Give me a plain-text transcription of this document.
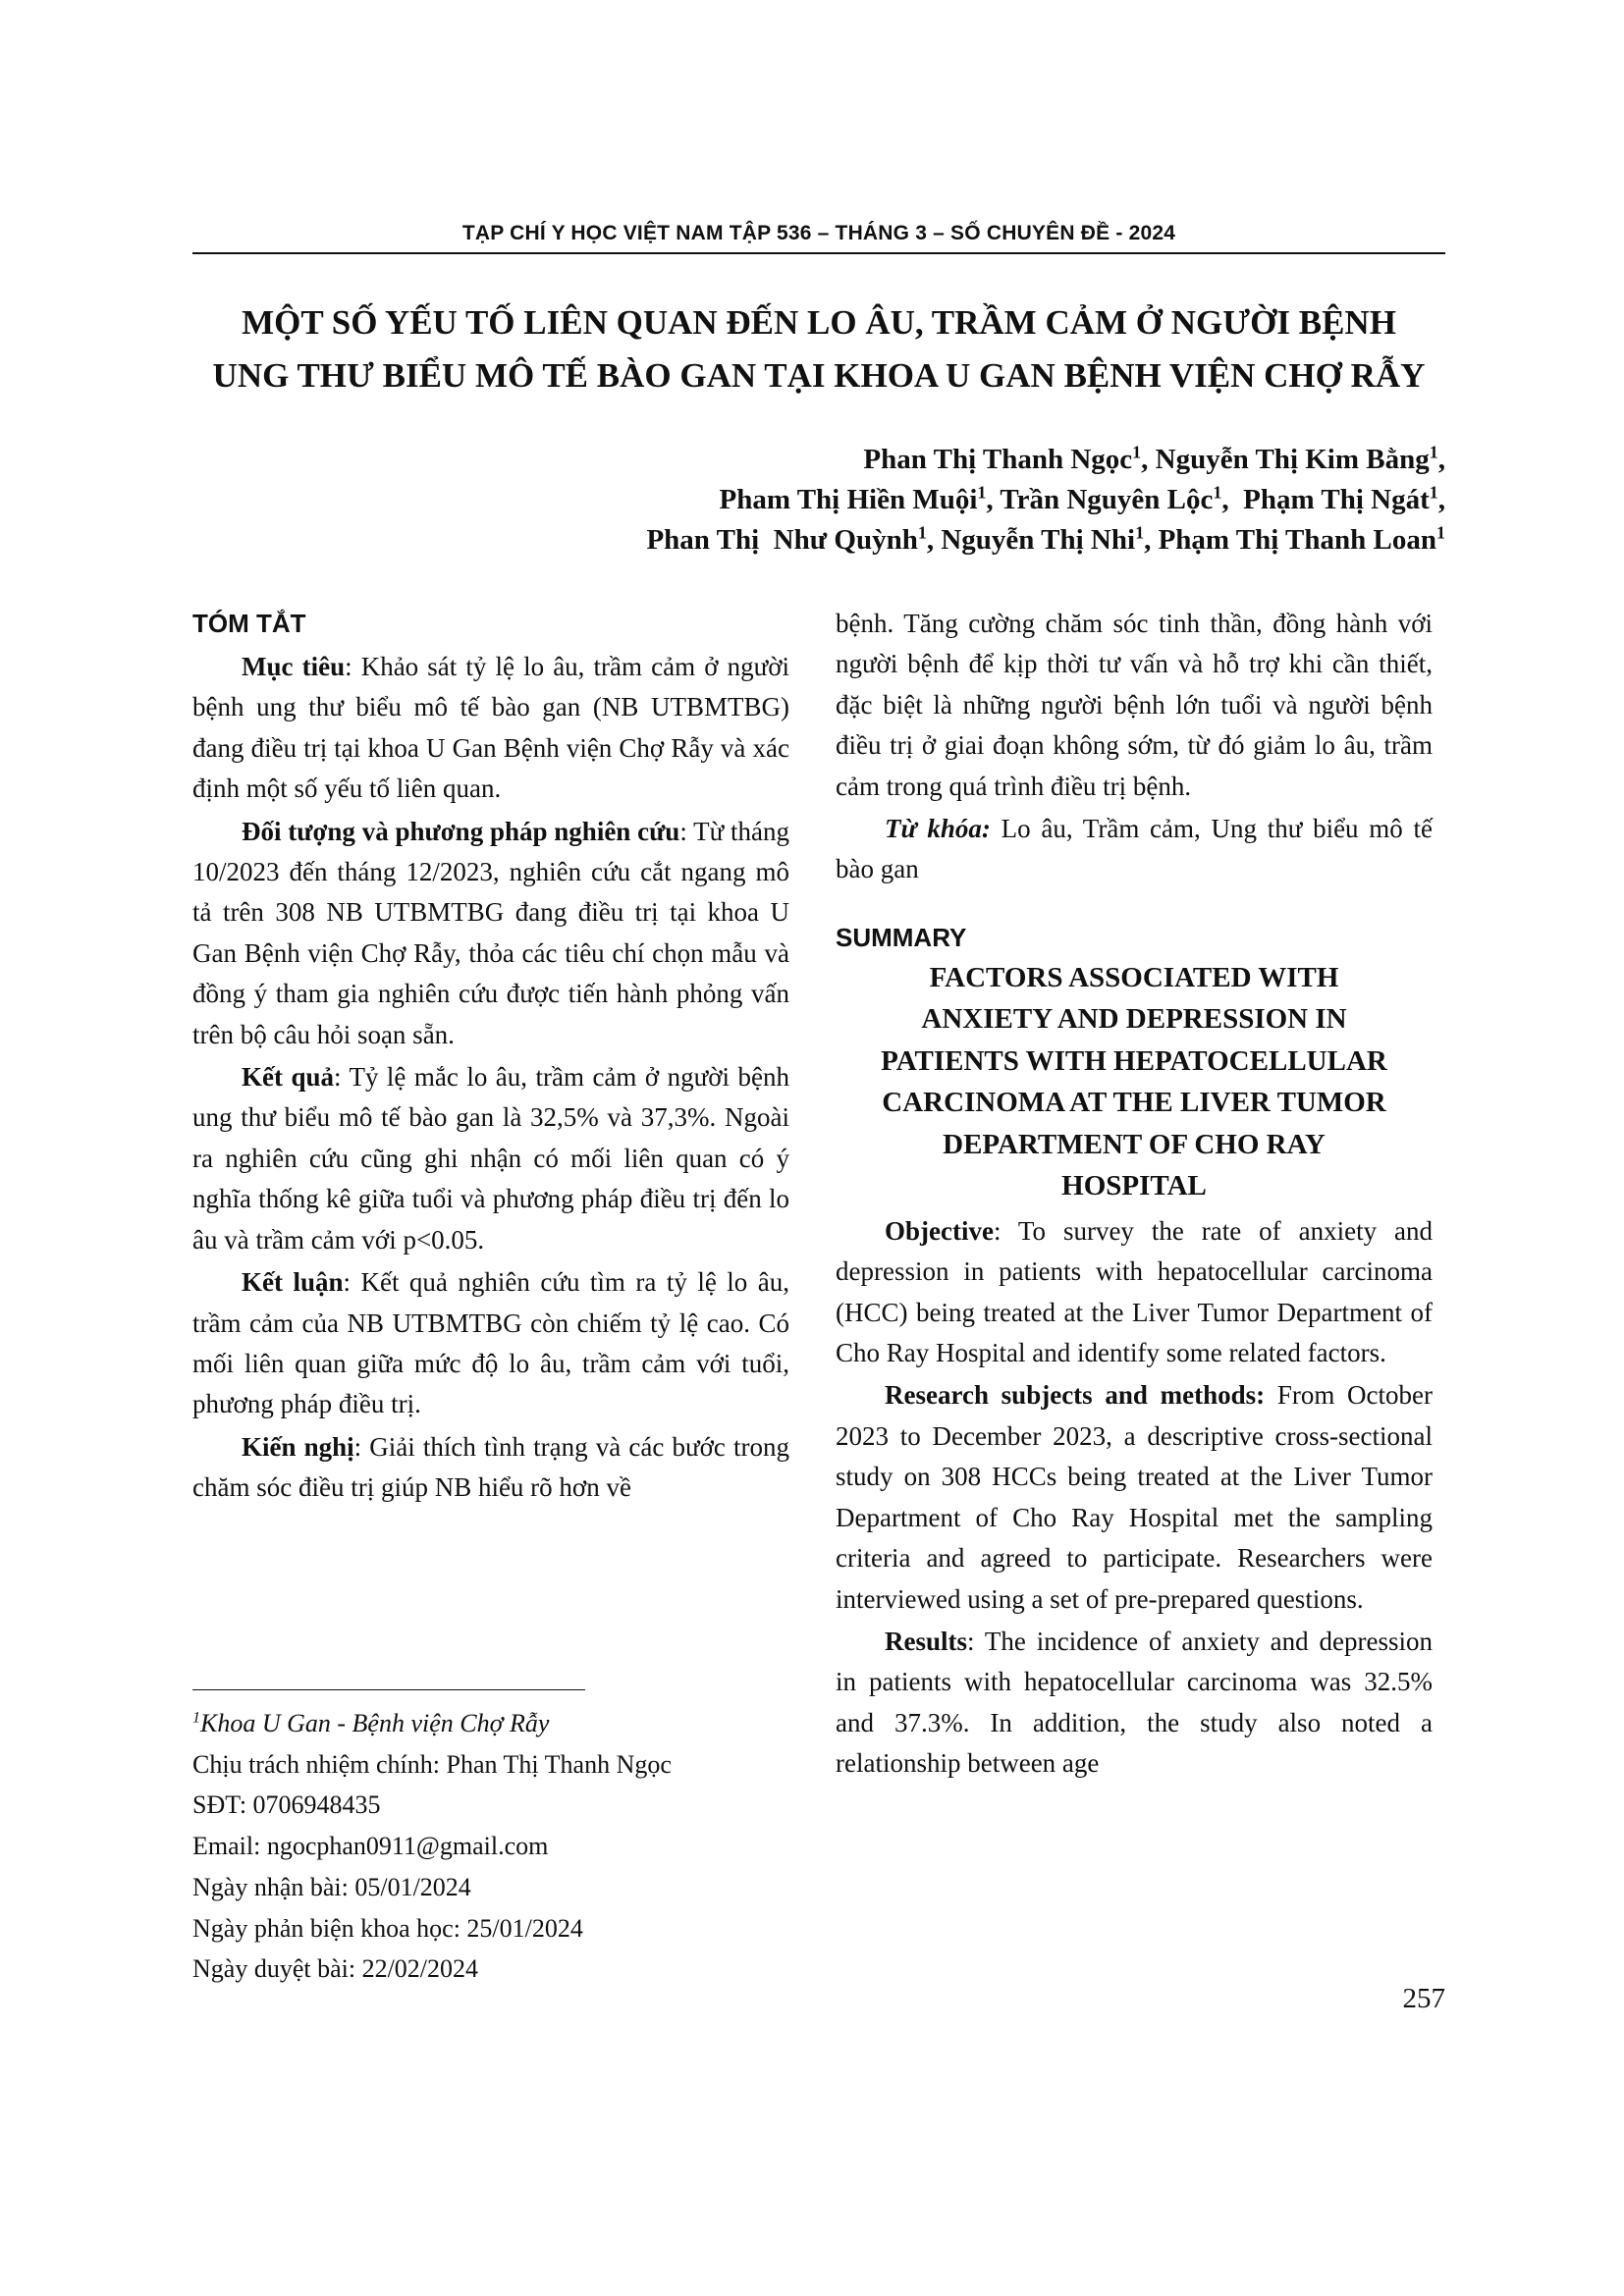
TẠP CHÍ Y HỌC VIỆT NAM TẬP 536 – THÁNG 3 – SỐ CHUYÊN ĐỀ - 2024
MỘT SỐ YẾU TỐ LIÊN QUAN ĐẾN LO ÂU, TRẦM CẢM Ở NGƯỜI BỆNH
UNG THƯ BIỂU MÔ TẾ BÀO GAN TẠI KHOA U GAN BỆNH VIỆN CHỢ RẪY
Phan Thị Thanh Ngọc$^1$, Nguyễn Thị Kim Bằng$^1$,
Pham Thị Hiền Muội$^1$, Trần Nguyên Lộc$^1$,  Phạm Thị Ngát$^1$,
Phan Thị  Như Quỳnh$^1$, Nguyễn Thị Nhi$^1$, Phạm Thị Thanh Loan$^1$
TÓM TẮT

Mục tiêu: Khảo sát tỷ lệ lo âu, trầm cảm ở người bệnh ung thư biểu mô tế bào gan (NB UTBMTBG) đang điều trị tại khoa U Gan Bệnh viện Chợ Rẫy và xác định một số yếu tố liên quan.

Đối tượng và phương pháp nghiên cứu: Từ tháng 10/2023 đến tháng 12/2023, nghiên cứu cắt ngang mô tả trên 308 NB UTBMTBG đang điều trị tại khoa U Gan Bệnh viện Chợ Rẫy, thỏa các tiêu chí chọn mẫu và đồng ý tham gia nghiên cứu được tiến hành phỏng vấn trên bộ câu hỏi soạn sẵn.

Kết quả: Tỷ lệ mắc lo âu, trầm cảm ở người bệnh ung thư biểu mô tế bào gan là 32,5% và 37,3%. Ngoài ra nghiên cứu cũng ghi nhận có mối liên quan có ý nghĩa thống kê giữa tuổi và phương pháp điều trị đến lo âu và trầm cảm với p<0.05.

Kết luận: Kết quả nghiên cứu tìm ra tỷ lệ lo âu, trầm cảm của NB UTBMTBG còn chiếm tỷ lệ cao. Có mối liên quan giữa mức độ lo âu, trầm cảm với tuổi, phương pháp điều trị.

Kiến nghị: Giải thích tình trạng và các bước trong chăm sóc điều trị giúp NB hiểu rõ hơn về

$^1$Khoa U Gan - Bệnh viện Chợ Rẫy
Chịu trách nhiệm chính: Phan Thị Thanh Ngọc
SĐT: 0706948435
Email: ngocphan0911@gmail.com
Ngày nhận bài: 05/01/2024
Ngày phản biện khoa học: 25/01/2024
Ngày duyệt bài: 22/02/2024

bệnh. Tăng cường chăm sóc tinh thần, đồng hành với người bệnh để kịp thời tư vấn và hỗ trợ khi cần thiết, đặc biệt là những người bệnh lớn tuổi và người bệnh điều trị ở giai đoạn không sớm, từ đó giảm lo âu, trầm cảm trong quá trình điều trị bệnh.

Từ khóa: Lo âu, Trầm cảm, Ung thư biểu mô tế bào gan

SUMMARY
FACTORS ASSOCIATED WITH
ANXIETY AND DEPRESSION IN
PATIENTS WITH HEPATOCELLULAR
CARCINOMA AT THE LIVER TUMOR
DEPARTMENT OF CHO RAY
HOSPITAL

Objective: To survey the rate of anxiety and depression in patients with hepatocellular carcinoma (HCC) being treated at the Liver Tumor Department of Cho Ray Hospital and identify some related factors.

Research subjects and methods: From October 2023 to December 2023, a descriptive cross-sectional study on 308 HCCs being treated at the Liver Tumor Department of Cho Ray Hospital met the sampling criteria and agreed to participate. Researchers were interviewed using a set of pre-prepared questions.

Results: The incidence of anxiety and depression in patients with hepatocellular carcinoma was 32.5% and 37.3%. In addition, the study also noted a relationship between age

257
